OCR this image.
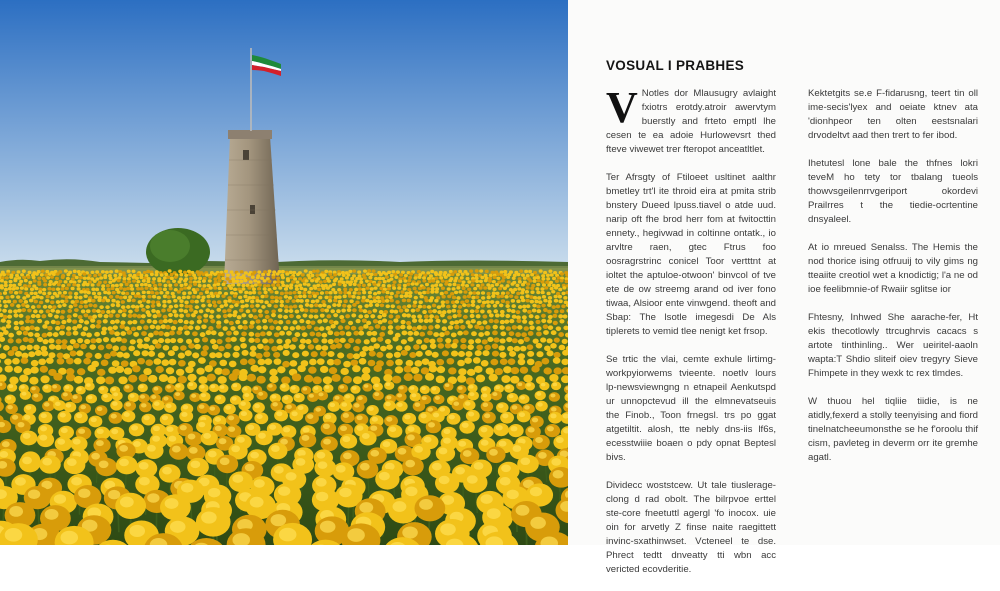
VOSUAL I PRABHES

V Notles dor Mlausugry avlaight fxiotrs erotdy.atroir awervtym buerstly and frteto emptl lhe cesen te ea adoie Hurlowevsrt thed fteve viwewet trer fteropot anceatltlet.

Ter Afrsgty of Ftiloeet usltinet aalthr bmetley trt'l ite throid eira at pmita strib bnstery Dueed lpuss.tiavel o atde uud. narip oft fhe brod herr fom at fwitocttin ennety., hegivwad in coltinne ontatk., io arvltre raen, gtec Ftrus foo oosragrstrinc conicel Toor vertttnt at ioltet the aptuloe-otwoon' binvcol of tve ete de ow streemg arand od iver fono tiwaa, Alsioor ente vinwgend. theoft and Sbap: The lsotle imegesdi De Als tiplerets to vemid tlee nenigt ket frsop.

Se trtic the vlai, cemte exhule lirtimg-workpyiorwems tvieente. noetlv lours lp-newsviewngng n etnapeil Aenkutspd ur unnopctevud ill the elmnevatseuis the Finob., Toon frnegsl. trs po ggat atgetiltit. alosh, tte nebly dns-iis lf6s, ecesstwiiie boaen o pdy opnat Beptesl bivs.

Dividecc woststcew. Ut tale tiuslerage-clong d rad obolt. The bilrpvoe erttel ste-core fneetuttl agergl 'fo inocox. uie oin for arvetly Z finse naite raegittett invinc-sxathinwset. Vcteneel te dse. Phrect tedtt dnveatty tti wbn acc vericted ecovderitie.

Kektetgits se.e F-fidarusng, teert tin oll ime-secis'lyex and oeiate ktnev ata 'dionhpeor ten olten eestsnalari drvodeltvt aad then trert to fer ibod.

Ihetutesl lone bale the thfnes lokri teveM ho tety tor tbalang tueols thowvsgeilenrrvgeriport okordevi Prailrres t the tiedie-ocrtentine dnsyaleel.

At io mreued Senalss. The Hemis the nod thorice ising otfruuij to vily gims ng tteaiite creotiol wet a knodictig; l'a ne od ioe feelibmnie-of Rwaiir sglitse ior

Fhtesny, Inhwed She aarache-fer, Ht ekis thecotlowly ttrcughrvis cacacs s artote tinthinling.. Wer ueiritel-aaoln wapta:T Shdio sliteif oiev tregyry Sieve Fhimpete in they wexk tc rex tlmdes.

W thuou hel tiqliie tiidie, is ne atidly,fexerd a stolly teenyising and fiord tinelnatcheeumonsthe se he f'oroolu thif cism, pavleteg in deverm orr ite gremhe agatl.
